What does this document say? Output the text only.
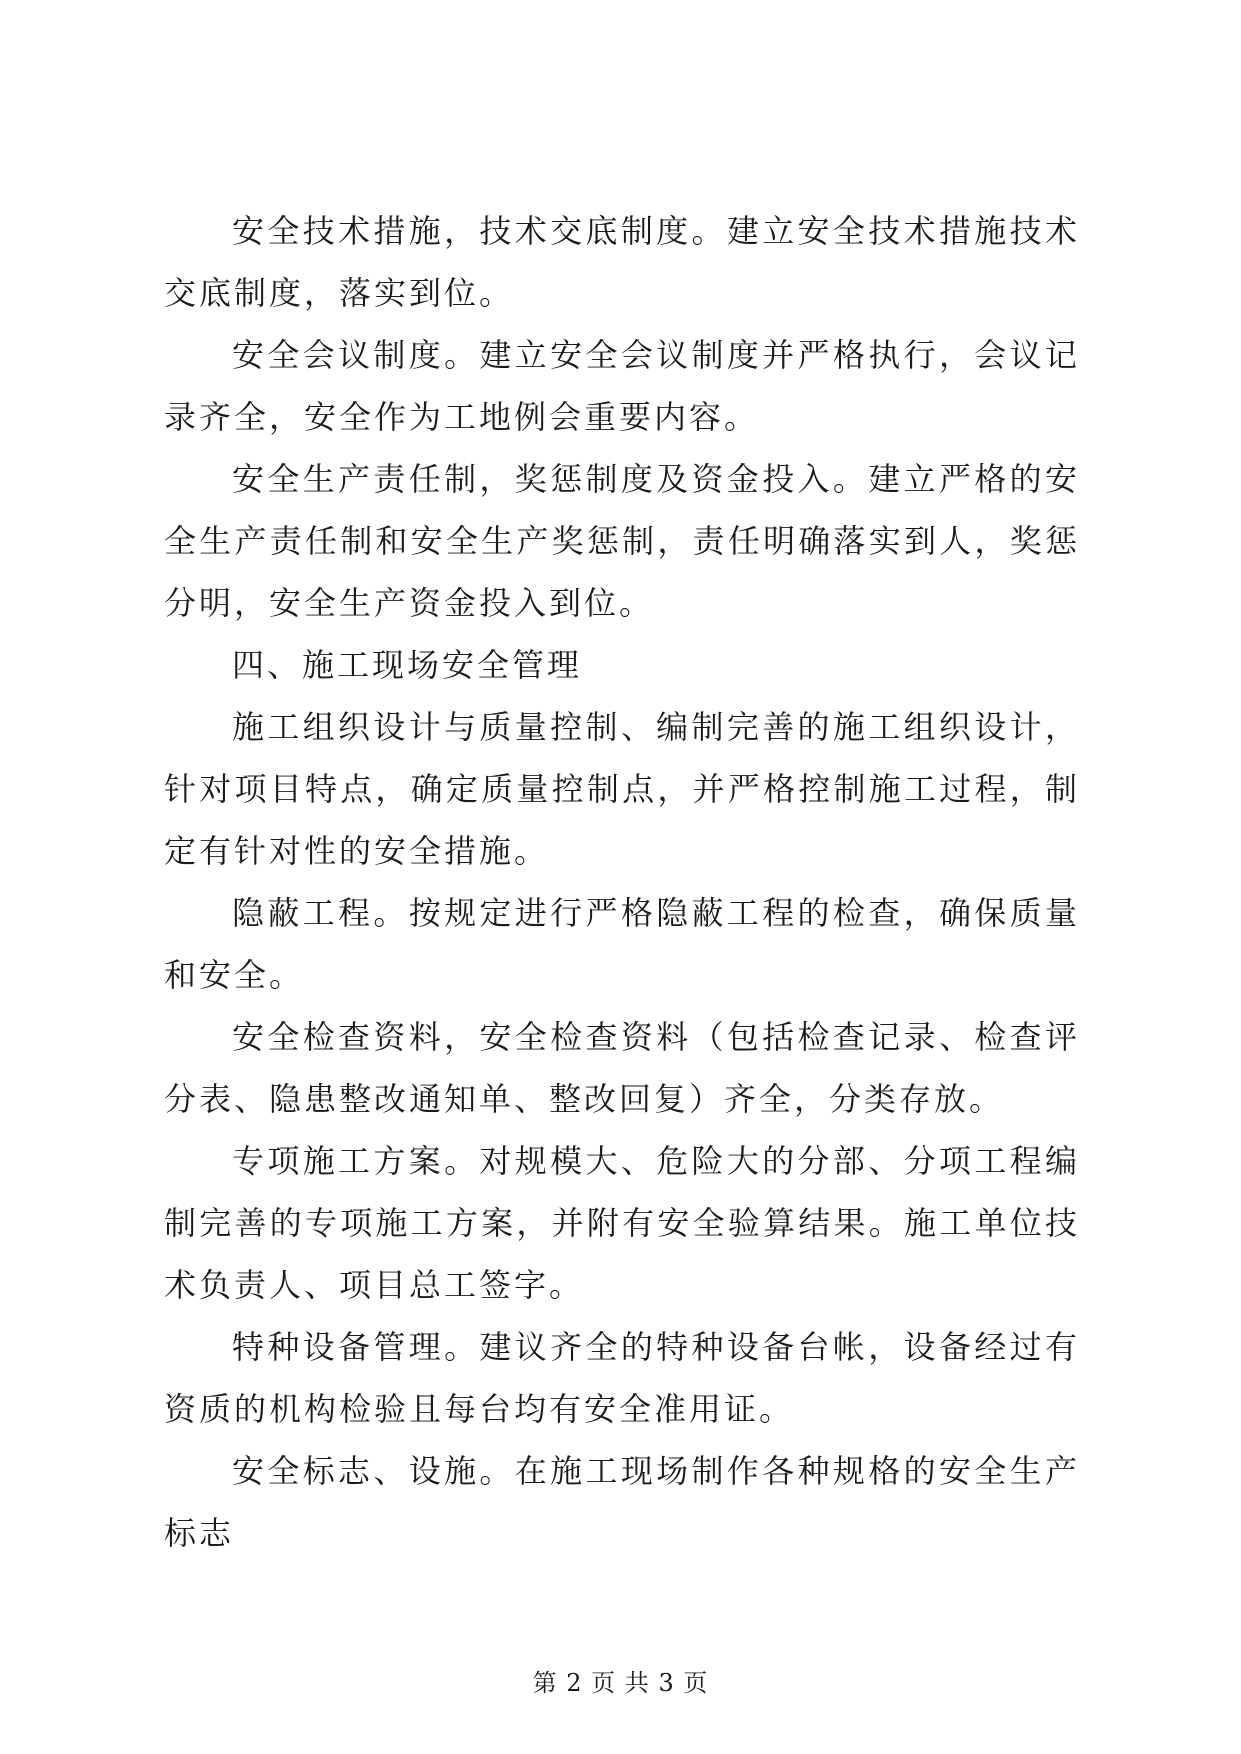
安全技术措施，技术交底制度。建立安全技术措施技术交底制度，落实到位。

安全会议制度。建立安全会议制度并严格执行，会议记录齐全，安全作为工地例会重要内容。

安全生产责任制，奖惩制度及资金投入。建立严格的安全生产责任制和安全生产奖惩制，责任明确落实到人，奖惩分明，安全生产资金投入到位。

四、施工现场安全管理

施工组织设计与质量控制、编制完善的施工组织设计，针对项目特点，确定质量控制点，并严格控制施工过程，制定有针对性的安全措施。

隐蔽工程。按规定进行严格隐蔽工程的检查，确保质量和安全。

安全检查资料，安全检查资料（包括检查记录、检查评分表、隐患整改通知单、整改回复）齐全，分类存放。

专项施工方案。对规模大、危险大的分部、分项工程编制完善的专项施工方案，并附有安全验算结果。施工单位技术负责人、项目总工签字。

特种设备管理。建议齐全的特种设备台帐，设备经过有资质的机构检验且每台均有安全准用证。

安全标志、设施。在施工现场制作各种规格的安全生产标志

第 2 页 共 3 页
